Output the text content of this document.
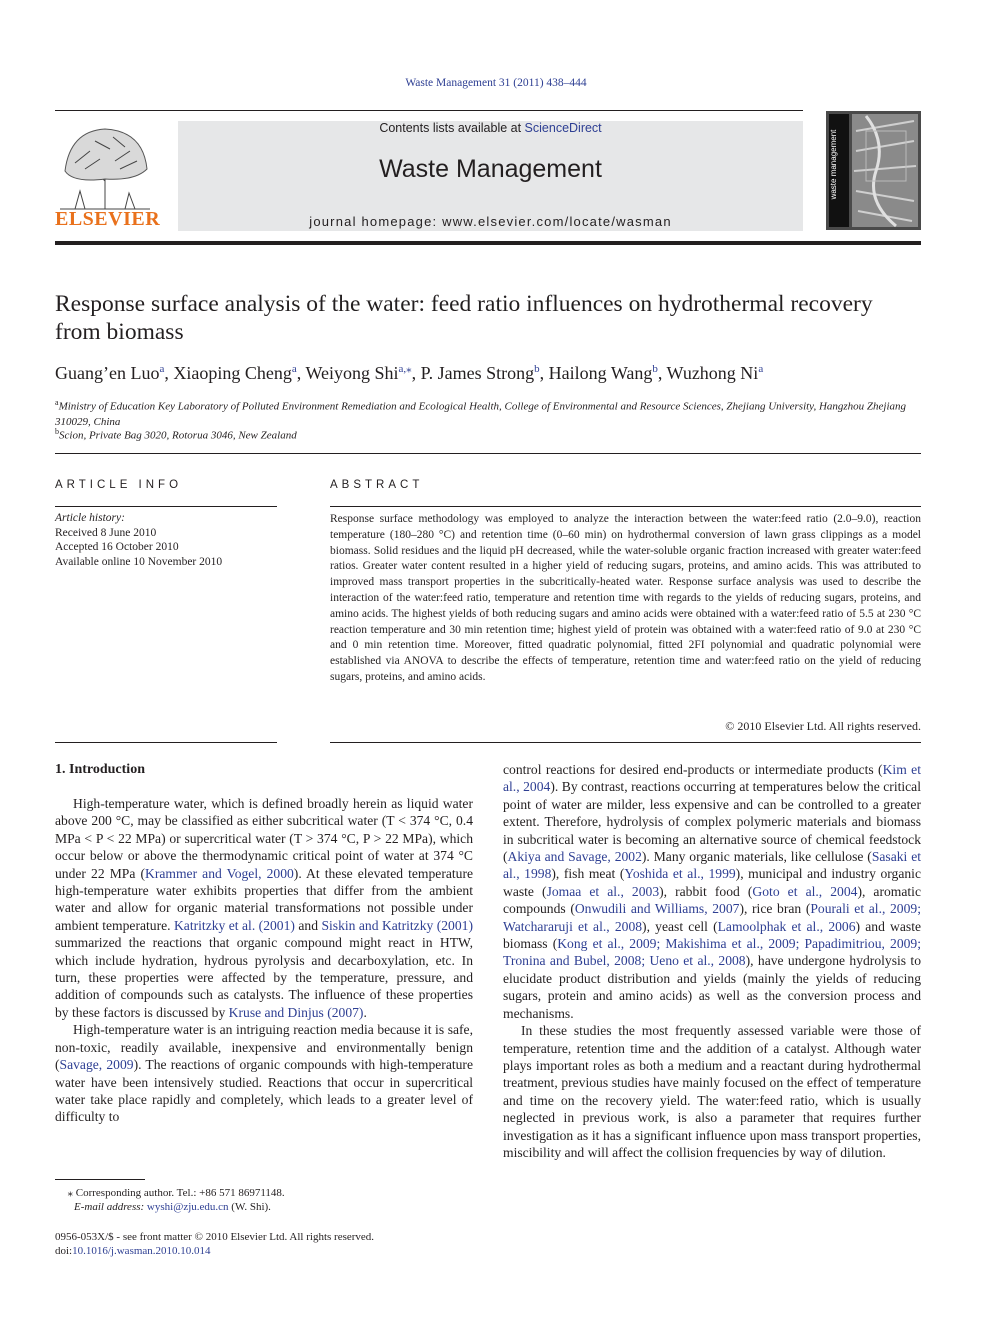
Waste Management 31 (2011) 438–444
ELSEVIER
Contents lists available at ScienceDirect
Waste Management
journal homepage: www.elsevier.com/locate/wasman
waste management
Response surface analysis of the water: feed ratio influences on hydrothermal recovery from biomass
Guang’en Luo$^a$, Xiaoping Cheng$^a$, Weiyong Shi$^{a,⁎}$, P. James Strong$^b$, Hailong Wang$^b$, Wuzhong Ni$^a$
$^a$Ministry of Education Key Laboratory of Polluted Environment Remediation and Ecological Health, College of Environmental and Resource Sciences, Zhejiang University, Hangzhou Zhejiang 310029, China
$^b$Scion, Private Bag 3020, Rotorua 3046, New Zealand
ARTICLE INFO
Article history:
Received 8 June 2010
Accepted 16 October 2010
Available online 10 November 2010
ABSTRACT
Response surface methodology was employed to analyze the interaction between the water:feed ratio (2.0–9.0), reaction temperature (180–280 °C) and retention time (0–60 min) on hydrothermal conversion of lawn grass clippings as a model biomass. Solid residues and the liquid pH decreased, while the water-soluble organic fraction increased with greater water:feed ratios. Greater water content resulted in a higher yield of reducing sugars, proteins, and amino acids. This was attributed to improved mass transport properties in the subcritically-heated water. Response surface analysis was used to describe the interaction of the water:feed ratio, temperature and retention time with regards to the yields of reducing sugars, proteins, and amino acids. The highest yields of both reducing sugars and amino acids were obtained with a water:feed ratio of 5.5 at 230 °C reaction temperature and 30 min retention time; highest yield of protein was obtained with a water:feed ratio of 9.0 at 230 °C and 0 min retention time. Moreover, fitted quadratic polynomial, fitted 2FI polynomial and quadratic polynomial were established via ANOVA to describe the effects of temperature, retention time and water:feed ratio on the yield of reducing sugars, proteins, and amino acids.
© 2010 Elsevier Ltd. All rights reserved.
1. Introduction

High-temperature water, which is defined broadly herein as liquid water above 200 °C, may be classified as either subcritical water (T < 374 °C, 0.4 MPa < P < 22 MPa) or supercritical water (T > 374 °C, P > 22 MPa), which occur below or above the thermodynamic critical point of water at 374 °C under 22 MPa (Krammer and Vogel, 2000). At these elevated temperature high-temperature water exhibits properties that differ from the ambient water and allow for organic material transformations not possible under ambient temperature. Katritzky et al. (2001) and Siskin and Katritzky (2001) summarized the reactions that organic compound might react in HTW, which include hydration, hydrous pyrolysis and decarboxylation, etc. In turn, these properties were affected by the temperature, pressure, and addition of compounds such as catalysts. The influence of these properties by these factors is discussed by Kruse and Dinjus (2007).

High-temperature water is an intriguing reaction media because it is safe, non-toxic, readily available, inexpensive and environmentally benign (Savage, 2009). The reactions of organic compounds with high-temperature water have been intensively studied. Reactions that occur in supercritical water take place rapidly and completely, which leads to a greater level of difficulty to

control reactions for desired end-products or intermediate products (Kim et al., 2004). By contrast, reactions occurring at temperatures below the critical point of water are milder, less expensive and can be controlled to a greater extent. Therefore, hydrolysis of complex polymeric materials and biomass in subcritical water is becoming an alternative source of chemical feedstock (Akiya and Savage, 2002). Many organic materials, like cellulose (Sasaki et al., 1998), fish meat (Yoshida et al., 1999), municipal and industry organic waste (Jomaa et al., 2003), rabbit food (Goto et al., 2004), aromatic compounds (Onwudili and Williams, 2007), rice bran (Pourali et al., 2009; Watchararuji et al., 2008), yeast cell (Lamoolphak et al., 2006) and waste biomass (Kong et al., 2009; Makishima et al., 2009; Papadimitriou, 2009; Tronina and Bubel, 2008; Ueno et al., 2008), have undergone hydrolysis to elucidate product distribution and yields (mainly the yields of reducing sugars, protein and amino acids) as well as the conversion process and mechanisms.

In these studies the most frequently assessed variable were those of temperature, retention time and the addition of a catalyst. Although water plays important roles as both a medium and a reactant during hydrothermal treatment, previous studies have mainly focused on the effect of temperature and time on the recovery yield. The water:feed ratio, which is usually neglected in previous work, is also a parameter that requires further investigation as it has a significant influence upon mass transport properties, miscibility and will affect the collision frequencies by way of dilution.

⁎ Corresponding author. Tel.: +86 571 86971148.
E-mail address: wyshi@zju.edu.cn (W. Shi).
0956-053X/$ - see front matter © 2010 Elsevier Ltd. All rights reserved.
doi:10.1016/j.wasman.2010.10.014
